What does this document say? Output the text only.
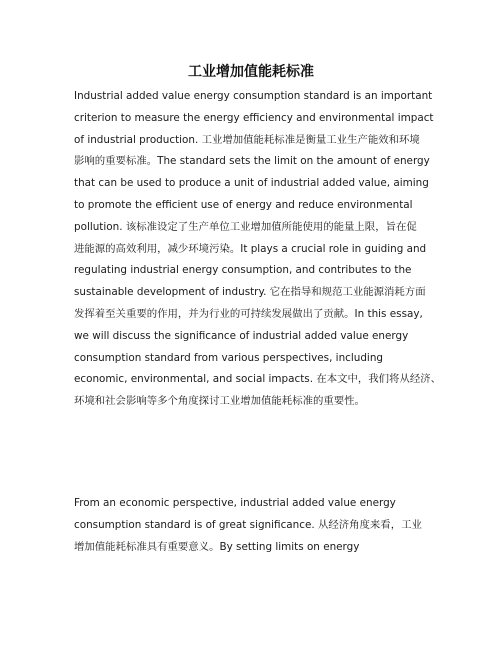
工业增加值能耗标准
Industrial added value energy consumption standard is an important
criterion to measure the energy efficiency and environmental impact
of industrial production. 工业增加值能耗标准是衡量工业生产能效和环境
影响的重要标准。The standard sets the limit on the amount of energy
that can be used to produce a unit of industrial added value, aiming
to promote the efficient use of energy and reduce environmental
pollution. 该标准设定了生产单位工业增加值所能使用的能量上限，旨在促
进能源的高效利用，减少环境污染。It plays a crucial role in guiding and
regulating industrial energy consumption, and contributes to the
sustainable development of industry. 它在指导和规范工业能源消耗方面
发挥着至关重要的作用，并为行业的可持续发展做出了贡献。In this essay,
we will discuss the significance of industrial added value energy
consumption standard from various perspectives, including
economic, environmental, and social impacts. 在本文中，我们将从经济、
环境和社会影响等多个角度探讨工业增加值能耗标准的重要性。
From an economic perspective, industrial added value energy
consumption standard is of great significance. 从经济角度来看，工业
增加值能耗标准具有重要意义。By setting limits on energy
